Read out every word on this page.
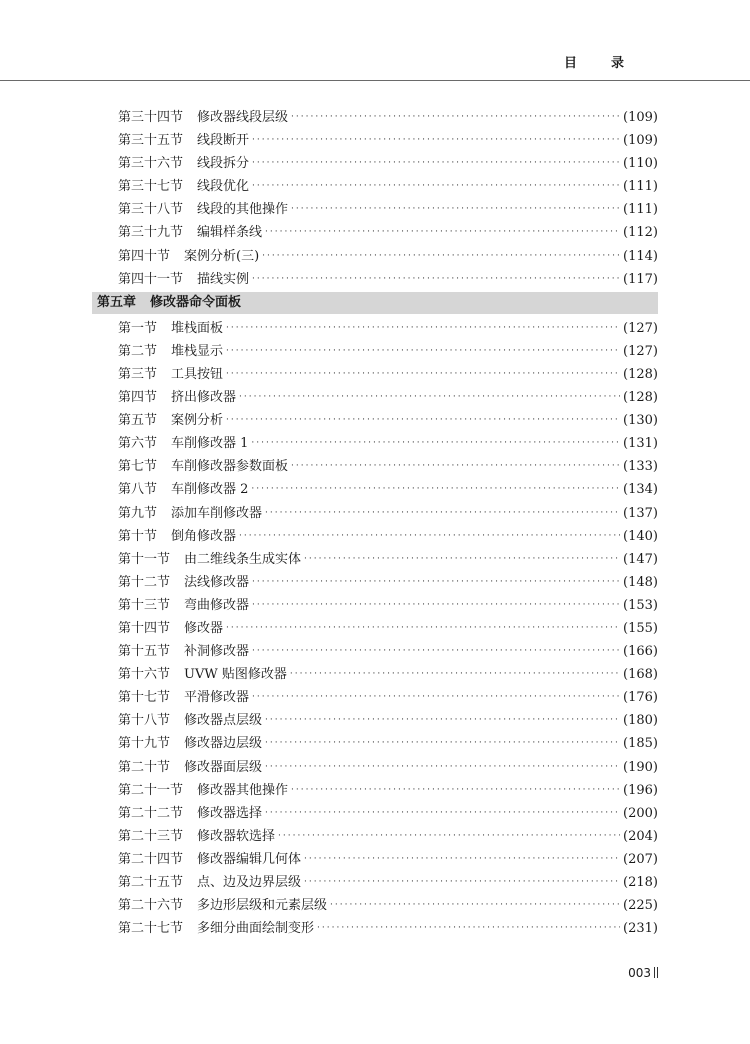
目录
第三十四节 修改器线段层级 ·····	(109)
第三十五节 线段断开 ·····	(109)
第三十六节 线段拆分 ·····	(110)
第三十七节 线段优化 ·····	(111)
第三十八节 线段的其他操作 ·····	(111)
第三十九节 编辑样条线 ·····	(112)
第四十节 案例分析(三) ·····	(114)
第四十一节 描线实例 ·····	(117)
第五章 修改器命令面板
第一节 堆栈面板 ·····	(127)
第二节 堆栈显示 ·····	(127)
第三节 工具按钮 ·····	(128)
第四节 挤出修改器 ·····	(128)
第五节 案例分析 ·····	(130)
第六节 车削修改器 1 ·····	(131)
第七节 车削修改器参数面板 ·····	(133)
第八节 车削修改器 2 ·····	(134)
第九节 添加车削修改器 ·····	(137)
第十节 倒角修改器 ·····	(140)
第十一节 由二维线条生成实体 ·····	(147)
第十二节 法线修改器 ·····	(148)
第十三节 弯曲修改器 ·····	(153)
第十四节 修改器 ·····	(155)
第十五节 补洞修改器 ·····	(166)
第十六节 UVW 贴图修改器 ·····	(168)
第十七节 平滑修改器 ·····	(176)
第十八节 修改器点层级 ·····	(180)
第十九节 修改器边层级 ·····	(185)
第二十节 修改器面层级 ·····	(190)
第二十一节 修改器其他操作 ·····	(196)
第二十二节 修改器选择 ·····	(200)
第二十三节 修改器软选择 ·····	(204)
第二十四节 修改器编辑几何体 ·····	(207)
第二十五节 点、边及边界层级 ·····	(218)
第二十六节 多边形层级和元素层级 ·····	(225)
第二十七节 多细分曲面绘制变形 ·····	(231)
003
